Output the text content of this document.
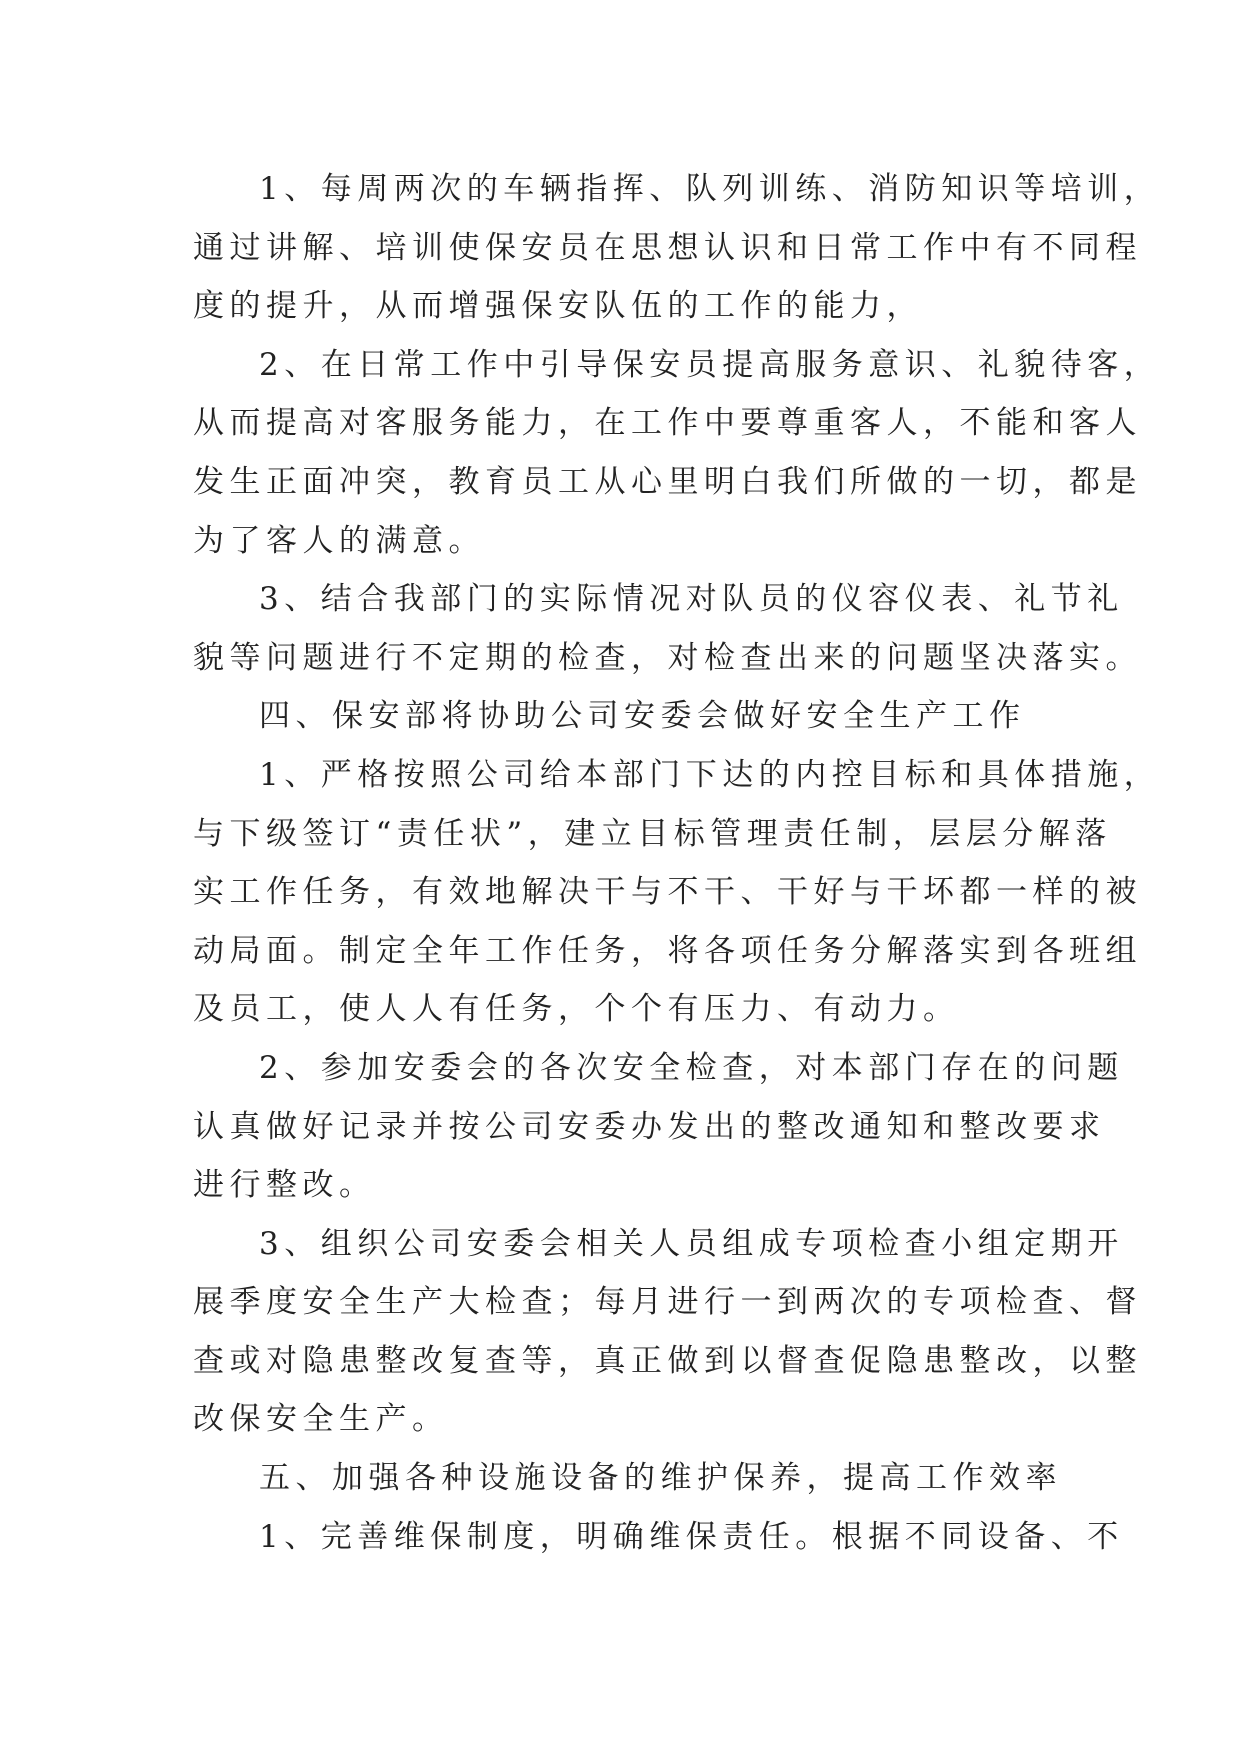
1、每周两次的车辆指挥、队列训练、消防知识等培训，
通过讲解、培训使保安员在思想认识和日常工作中有不同程
度的提升，从而增强保安队伍的工作的能力，
2、在日常工作中引导保安员提高服务意识、礼貌待客，
从而提高对客服务能力，在工作中要尊重客人，不能和客人
发生正面冲突，教育员工从心里明白我们所做的一切，都是
为了客人的满意。
3、结合我部门的实际情况对队员的仪容仪表、礼节礼
貌等问题进行不定期的检查，对检查出来的问题坚决落实。
四、保安部将协助公司安委会做好安全生产工作
1、严格按照公司给本部门下达的内控目标和具体措施，
与下级签订“责任状”，建立目标管理责任制，层层分解落
实工作任务，有效地解决干与不干、干好与干坏都一样的被
动局面。制定全年工作任务，将各项任务分解落实到各班组
及员工，使人人有任务，个个有压力、有动力。
2、参加安委会的各次安全检查，对本部门存在的问题
认真做好记录并按公司安委办发出的整改通知和整改要求
进行整改。
3、组织公司安委会相关人员组成专项检查小组定期开
展季度安全生产大检查；每月进行一到两次的专项检查、督
查或对隐患整改复查等，真正做到以督查促隐患整改，以整
改保安全生产。
五、加强各种设施设备的维护保养，提高工作效率
1、完善维保制度，明确维保责任。根据不同设备、不
